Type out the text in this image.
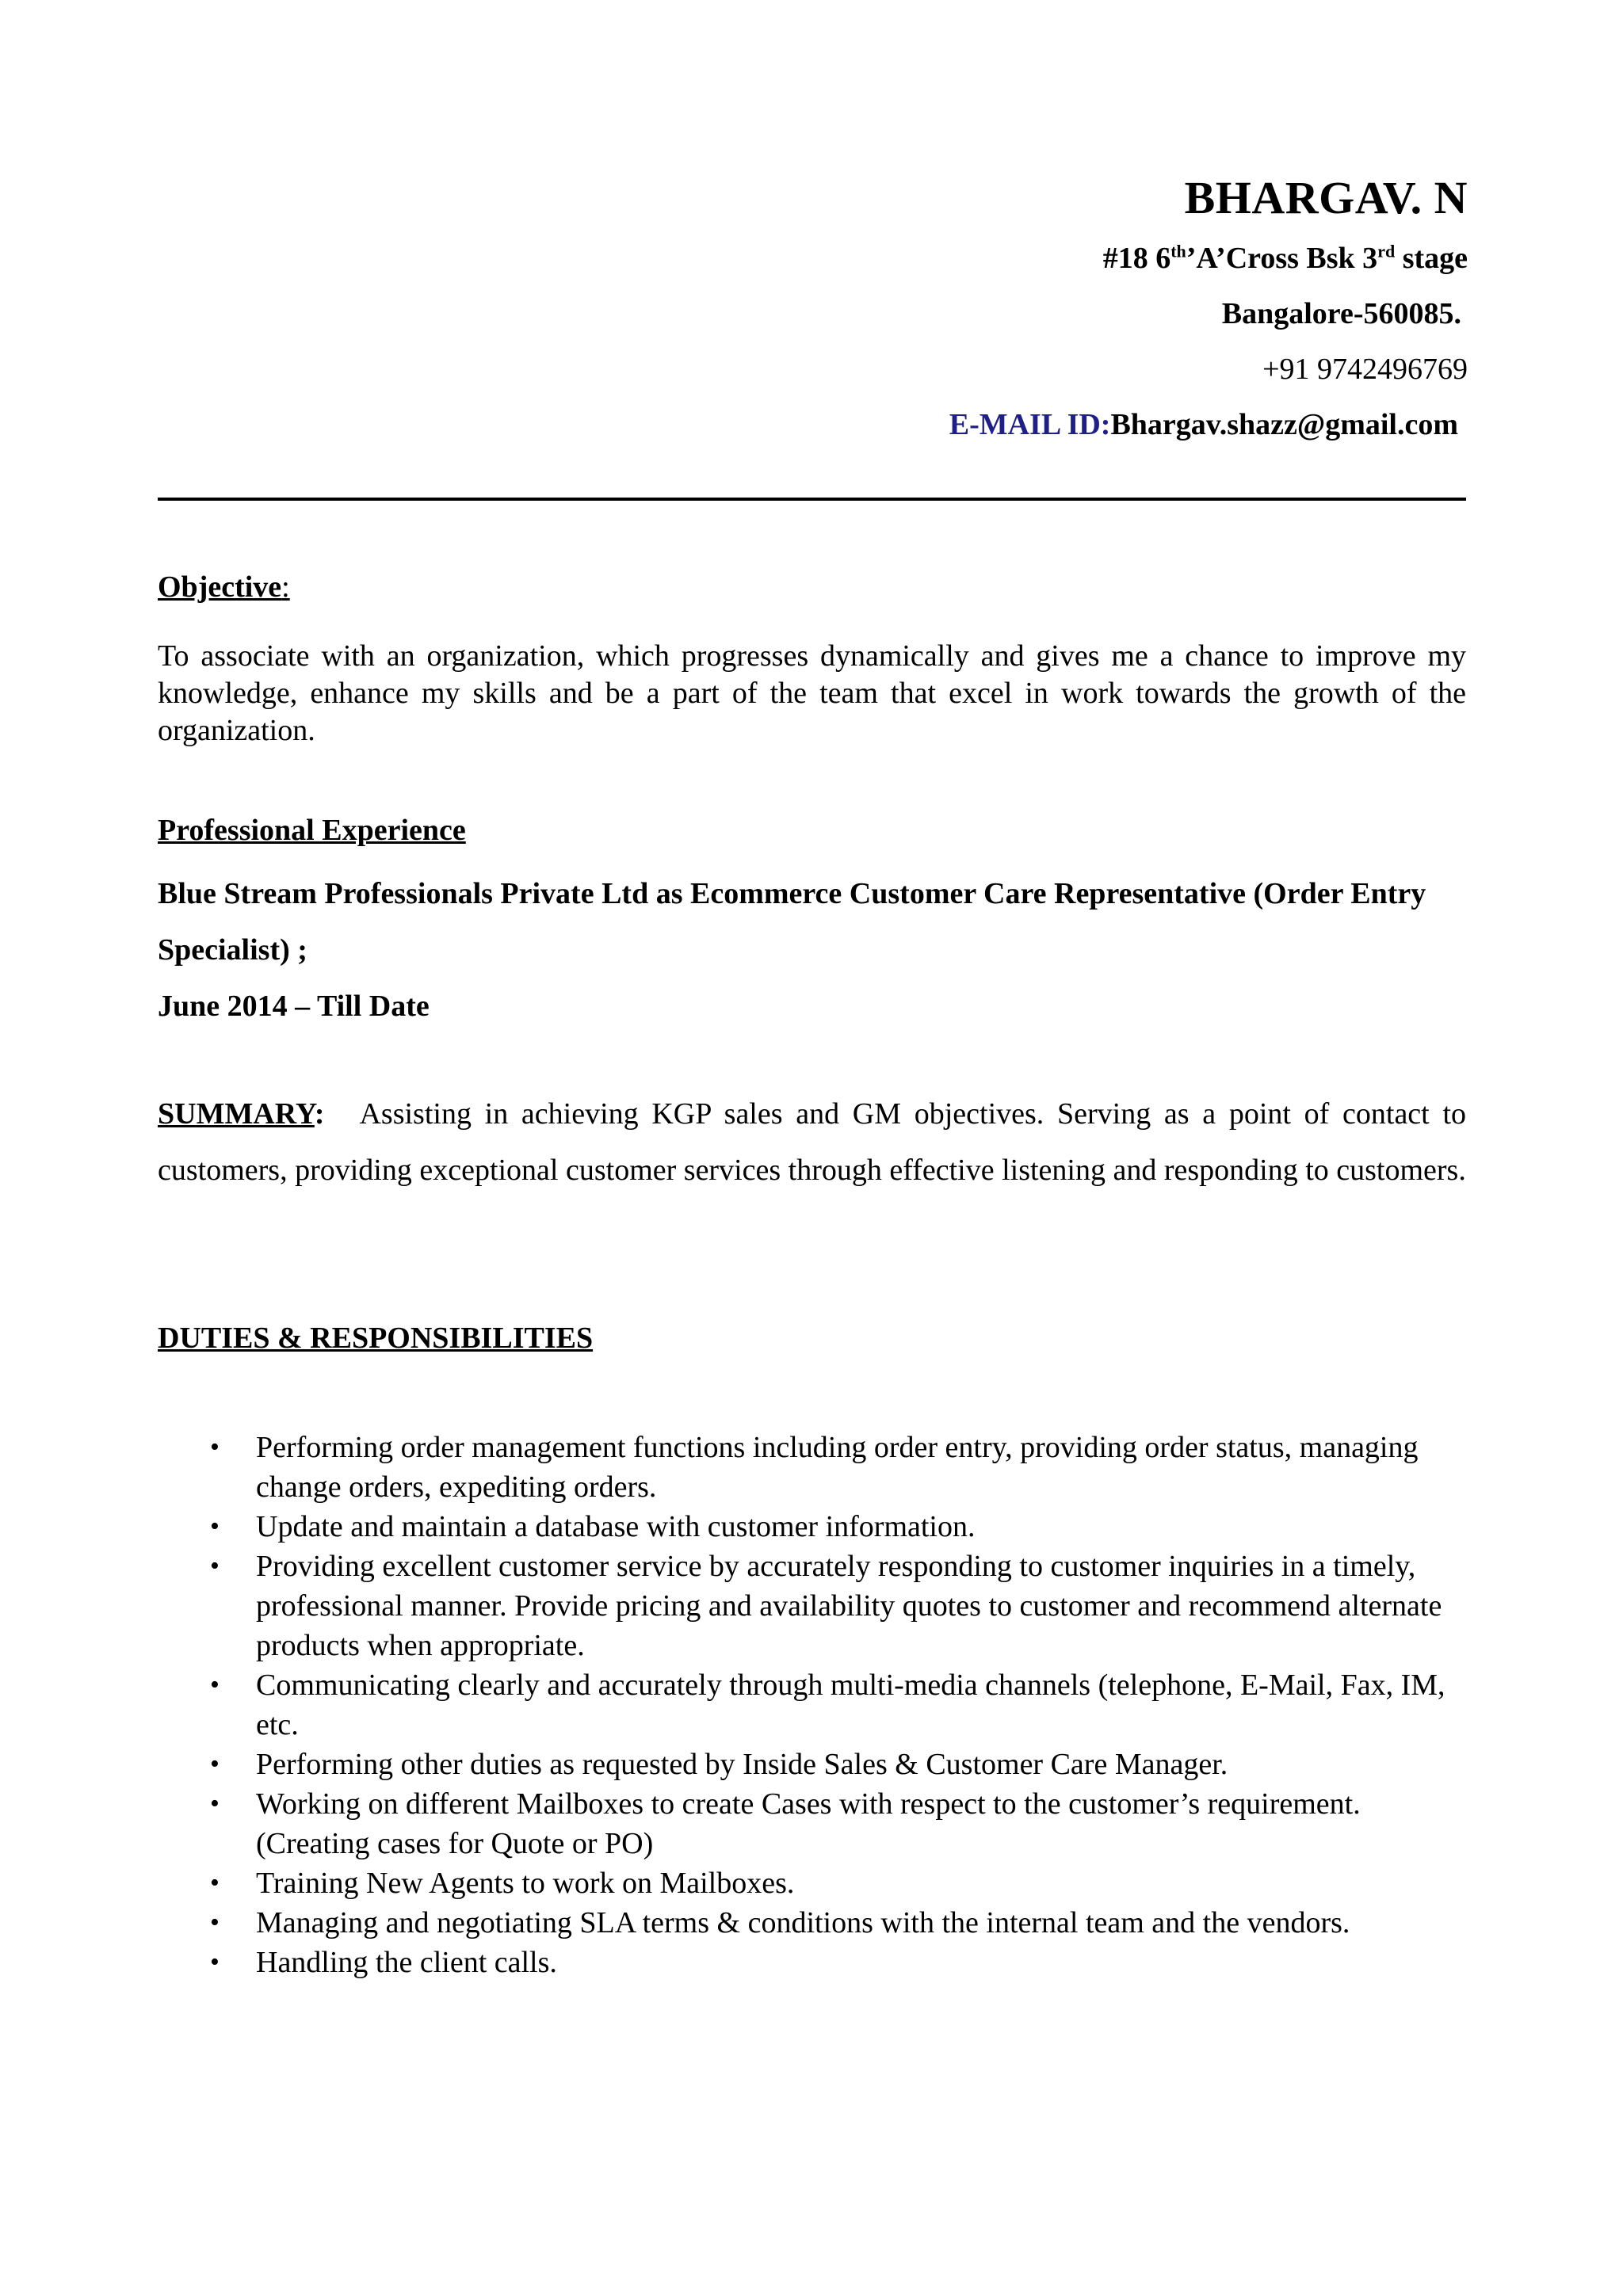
BHARGAV. N
#18 6th’A’Cross Bsk 3rd stage
Bangalore-560085.
+91 9742496769
E-MAIL ID:Bhargav.shazz@gmail.com
Objective:

To associate with an organization, which progresses dynamically and gives me a chance to improve my knowledge, enhance my skills and be a part of the team that excel in work towards the growth of the organization.

Professional Experience
Blue Stream Professionals Private Ltd as Ecommerce Customer Care Representative (Order Entry Specialist) ;
June 2014 – Till Date

SUMMARY: Assisting in achieving KGP sales and GM objectives. Serving as a point of contact to customers, providing exceptional customer services through effective listening and responding to customers.

DUTIES & RESPONSIBILITIES
• Performing order management functions including order entry, providing order status, managing change orders, expediting orders.
• Update and maintain a database with customer information.
• Providing excellent customer service by accurately responding to customer inquiries in a timely, professional manner. Provide pricing and availability quotes to customer and recommend alternate products when appropriate.
• Communicating clearly and accurately through multi-media channels (telephone, E-Mail, Fax, IM, etc.
• Performing other duties as requested by Inside Sales & Customer Care Manager.
• Working on different Mailboxes to create Cases with respect to the customer’s requirement. (Creating cases for Quote or PO)
• Training New Agents to work on Mailboxes.
• Managing and negotiating SLA terms & conditions with the internal team and the vendors.
• Handling the client calls.
